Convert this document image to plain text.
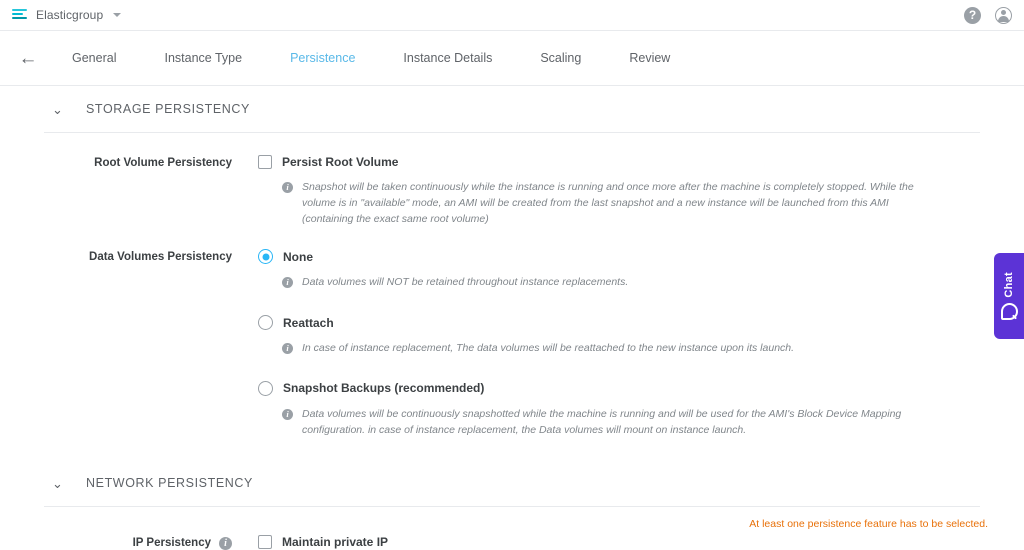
Elasticgroup	?
←	General	Instance Type	Persistence	Instance Details	Scaling	Review
⌄ STORAGE PERSISTENCY
Root Volume Persistency	Persist Root Volume
i	Snapshot will be taken continuously while the instance is running and once more after the machine is completely stopped. While the volume is in "available" mode, an AMI will be created from the last snapshot and a new instance will be launched from this AMI (containing the exact same root volume)
Data Volumes Persistency	None
i	Data volumes will NOT be retained throughout instance replacements.
Reattach
i	In case of instance replacement, The data volumes will be reattached to the new instance upon its launch.
Snapshot Backups (recommended)
i	Data volumes will be continuously snapshotted while the machine is running and will be used for the AMI's Block Device Mapping configuration. in case of instance replacement, the Data volumes will mount on instance launch.
⌄ NETWORK PERSISTENCY
IP Persistency	i	Maintain private IP
Chat
At least one persistence feature has to be selected.
